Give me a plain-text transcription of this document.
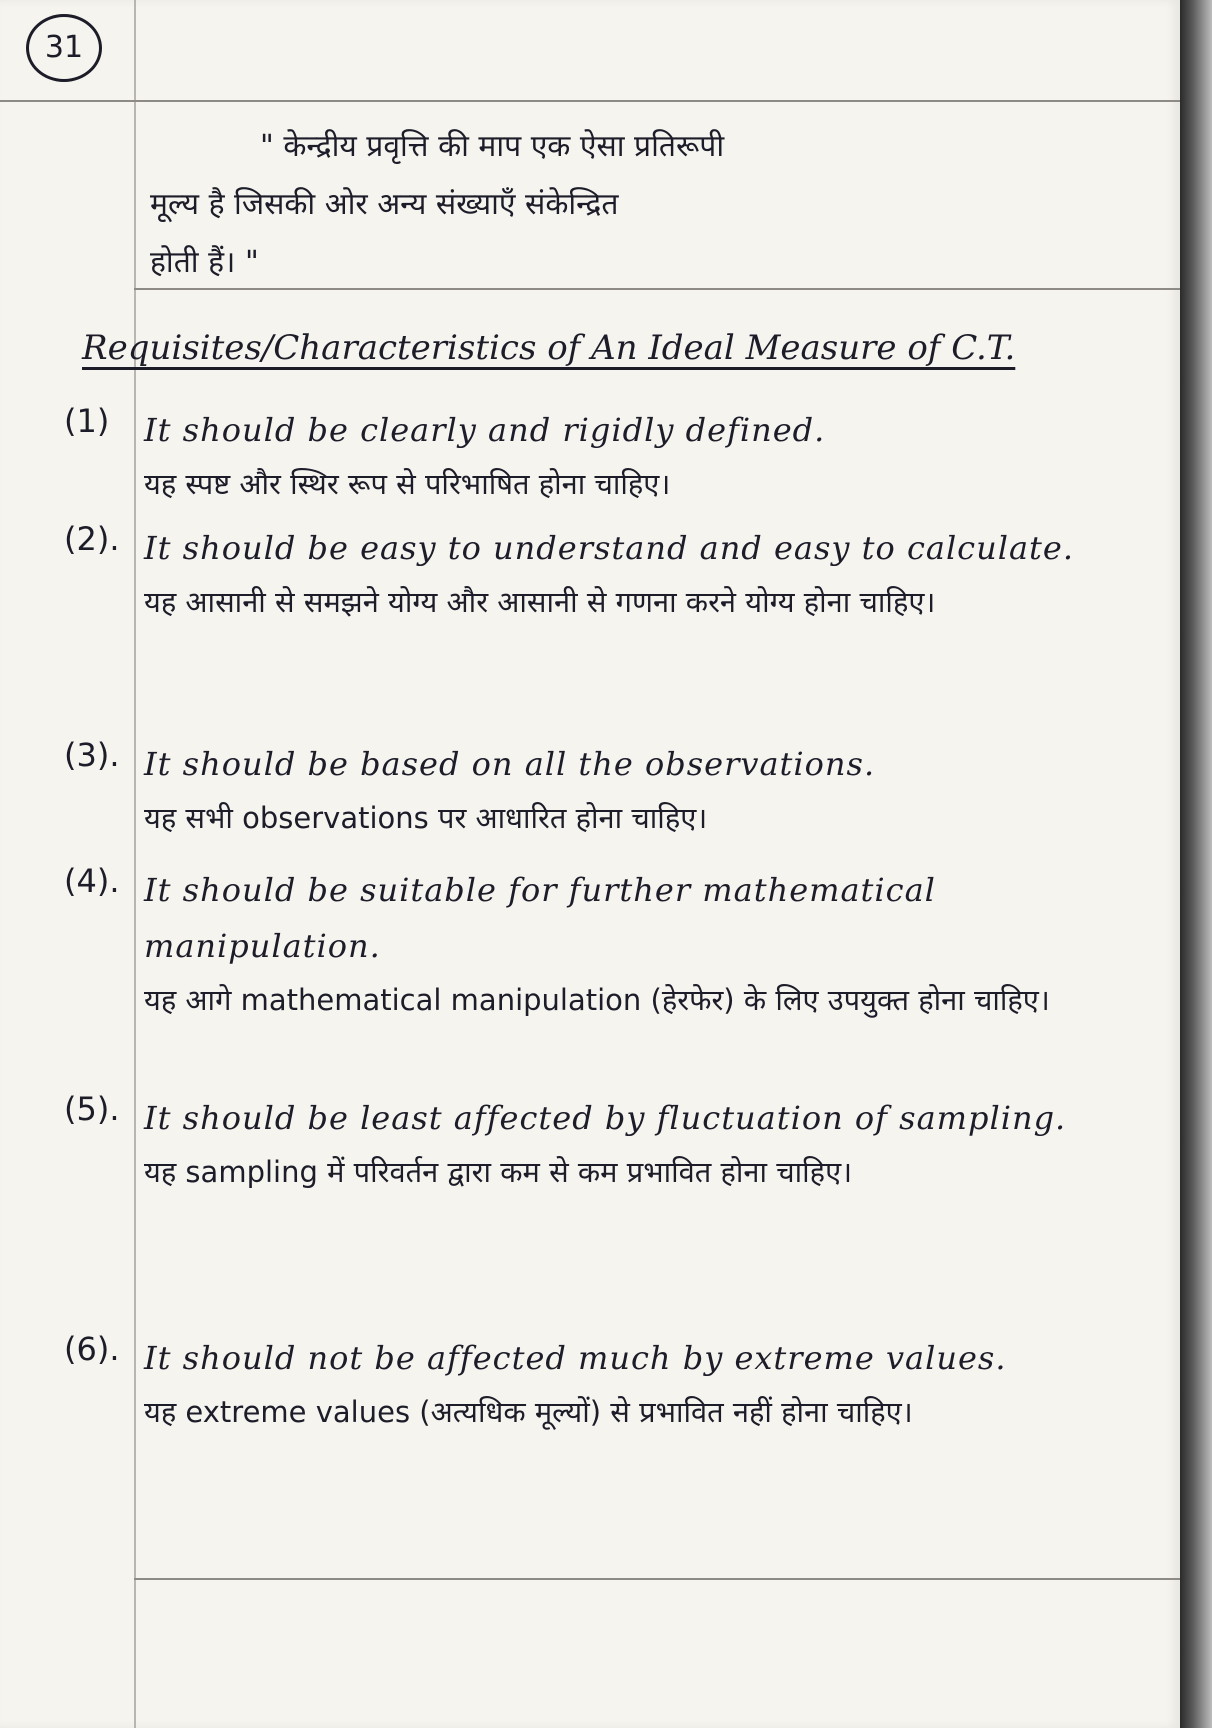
31
" केन्द्रीय प्रवृत्ति की माप एक ऐसा प्रतिरूपी
मूल्य है जिसकी ओर अन्य संख्याएँ संकेन्द्रित
होती हैं। "
Requisites/Characteristics of An Ideal Measure of C.T.
(1)	It should be clearly and rigidly defined.
यह स्पष्ट और स्थिर रूप से परिभाषित होना चाहिए।
(2). It should be easy to understand and easy to calculate.
यह आसानी से समझने योग्य और आसानी से गणना करने योग्य होना चाहिए।
(3). It should be based on all the observations.
यह सभी observations पर आधारित होना चाहिए।
(4). It should be suitable for further mathematical manipulation.
यह आगे mathematical manipulation (हेरफेर) के लिए उपयुक्त होना चाहिए।
(5). It should be least affected by fluctuation of sampling.
यह sampling में परिवर्तन द्वारा कम से कम प्रभावित होना चाहिए।
(6). It should not be affected much by extreme values.
यह extreme values (अत्यधिक मूल्यों) से प्रभावित नहीं होना चाहिए।
